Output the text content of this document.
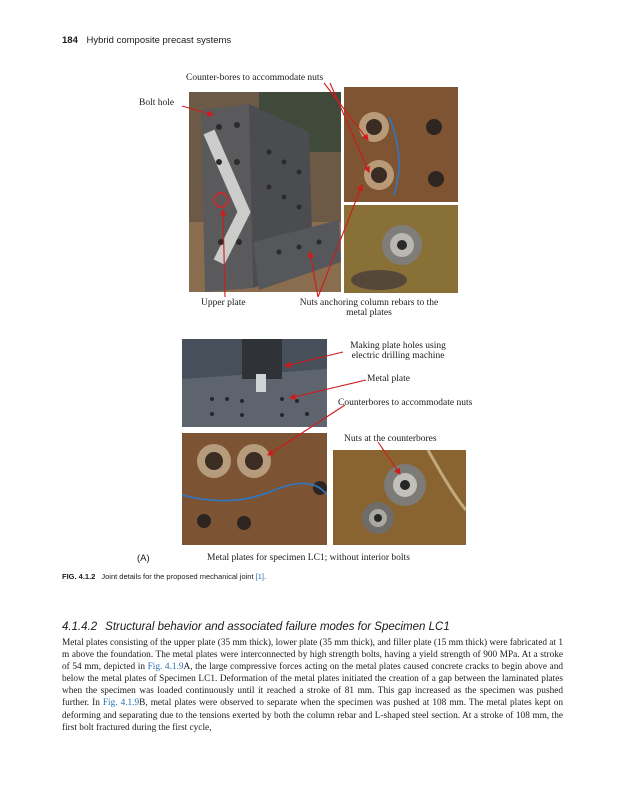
184 Hybrid composite precast systems
Counter-bores to accommodate nuts
Bolt hole
Upper plate	Nuts anchoring column rebars to the
metal plates
Making plate holes using
electric drilling machine
Metal plate
Counterbores to accommodate nuts
Nuts at the counterbores
(A)	Metal plates for specimen LC1; without interior bolts
FIG. 4.1.2 Joint details for the proposed mechanical joint [1].
4.1.4.2 Structural behavior and associated failure modes for Specimen LC1
Metal plates consisting of the upper plate (35 mm thick), lower plate (35 mm thick), and filler plate (15 mm thick) were fabricated at 1 m above the foundation. The metal plates were interconnected by high strength bolts, having a yield strength of 900 MPa. At a stroke of 54 mm, depicted in Fig. 4.1.9A, the large compressive forces acting on the metal plates caused concrete cracks to begin above and below the metal plates of Specimen LC1. Deformation of the metal plates initiated the creation of a gap between the laminated plates when the specimen was loaded continuously until it reached a stroke of 81 mm. This gap increased as the specimen was pushed further. In Fig. 4.1.9B, metal plates were observed to separate when the specimen was pushed at 108 mm. The metal plates kept on deforming and separating due to the tensions exerted by both the column rebar and L-shaped steel section. At a stroke of 108 mm, the first bolt fractured during the first cycle,
